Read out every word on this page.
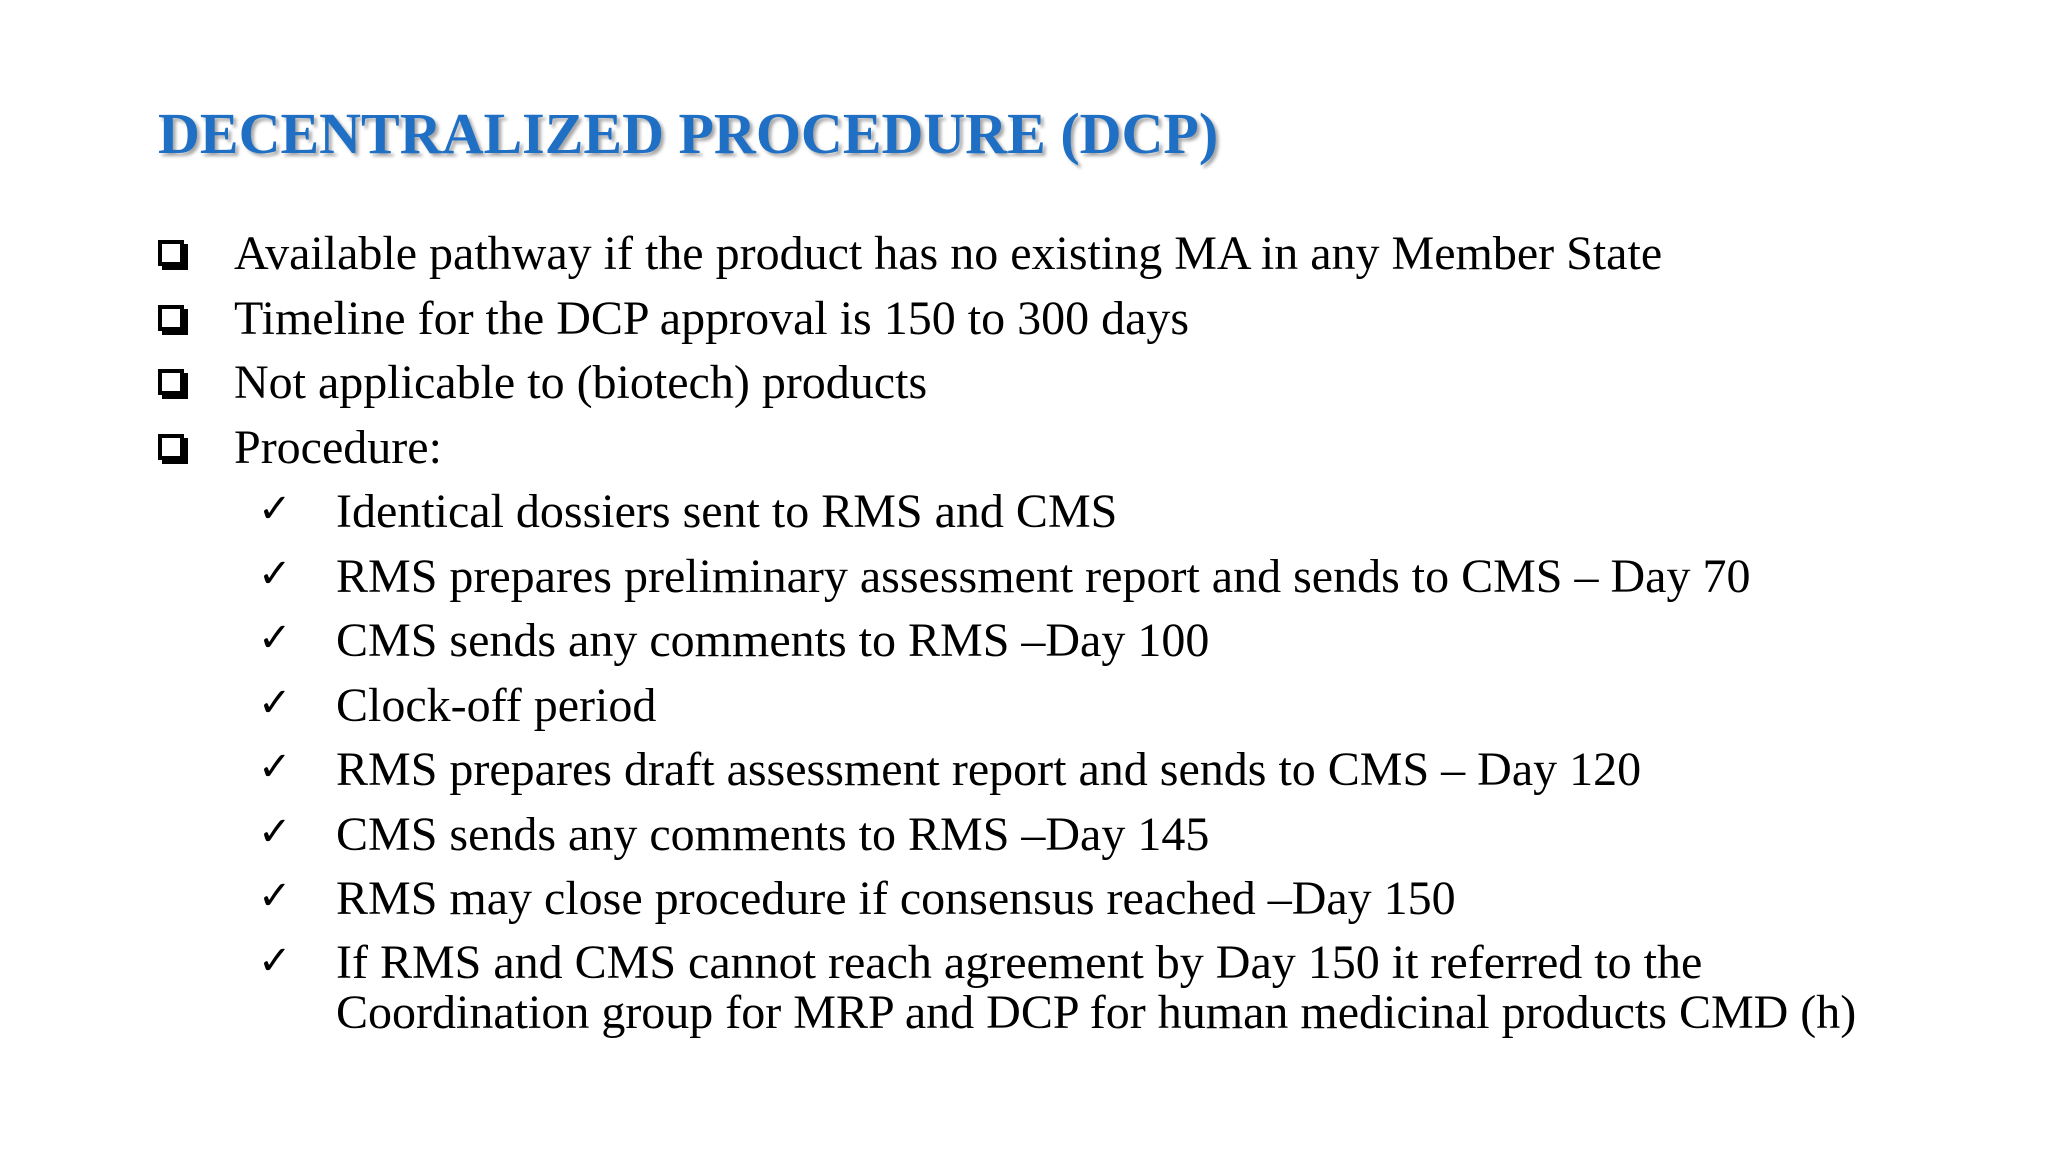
DECENTRALIZED PROCEDURE (DCP)
Available pathway if the product has no existing MA in any Member State
Timeline for the DCP approval is 150 to 300 days
Not applicable to (biotech) products
Procedure:
✓ Identical dossiers sent to RMS and CMS
✓ RMS prepares preliminary assessment report and sends to CMS – Day 70
✓ CMS sends any comments to RMS –Day 100
✓ Clock-off period
✓ RMS prepares draft assessment report and sends to CMS – Day 120
✓ CMS sends any comments to RMS –Day 145
✓ RMS may close procedure if consensus reached –Day 150
✓ If RMS and CMS cannot reach agreement by Day 150 it referred to the
Coordination group for MRP and DCP for human medicinal products CMD (h)
